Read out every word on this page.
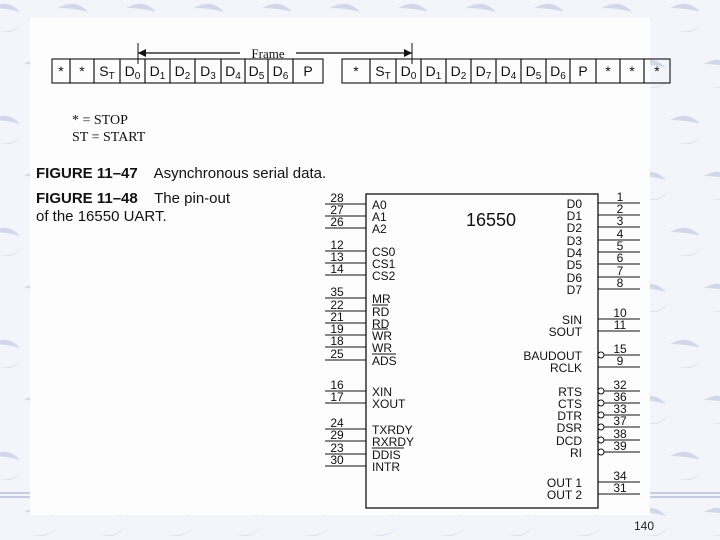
Frame
* * $S_T$ $D_0$ $D_1$ $D_2$ $D_3$ $D_4$ $D_5$ $D_6$ P	* $S_T$ $D_0$ $D_1$ $D_2$ $D_7$ $D_4$ $D_5$ $D_6$ P * * *
* = STOP
ST = START
FIGURE 11–47 Asynchronous serial data.
FIGURE 11–48 The pin-out
of the 16550 UART.	16550
28 A0
27 A1
26 A2
12 CS0
13 CS1
14 CS2
35 MR
22 RD
21 RD
19 WR
18 WR
25 ADS
16 XIN
17 XOUT
24 TXRDY
29 RXRDY
23 DDIS
30 INTR
1
D0	2
D1	3
D2	4
D3	5
D4	6
D5	7
D6	8
D7
10
SIN	11
SOUT
15
BAUDOUT	9
RCLK
32
RTS	36
CTS	33
DTR	37
DSR	38
DCD	39
RI
34
OUT 1	31
OUT 2
140
